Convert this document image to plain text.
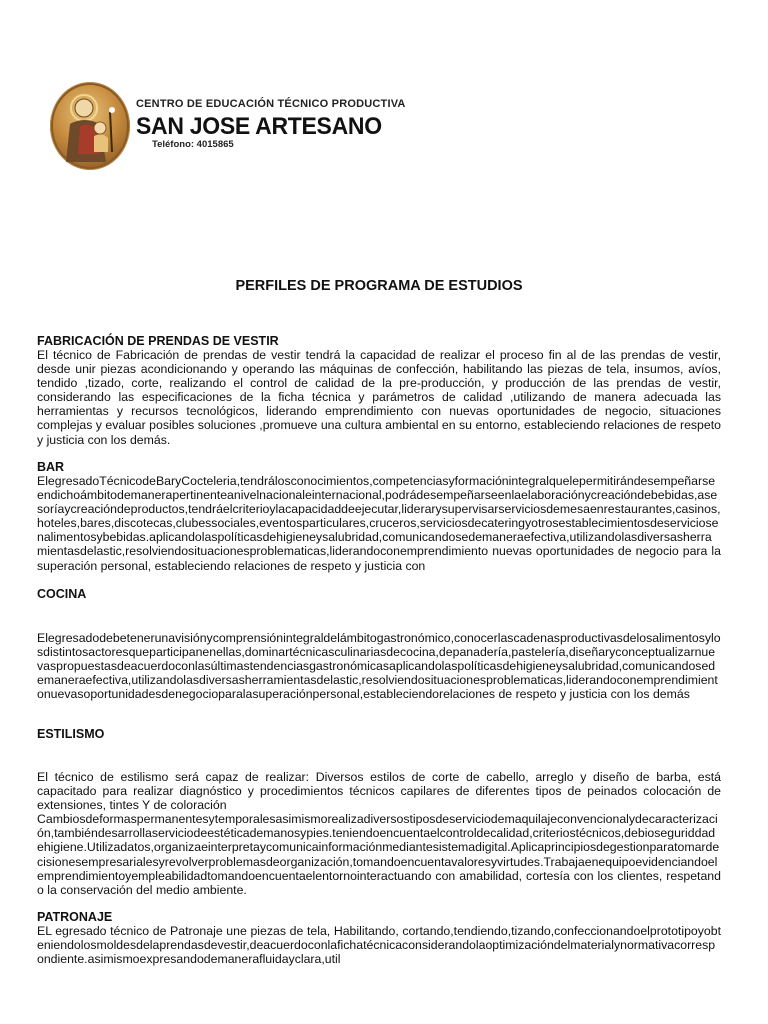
CENTRO DE EDUCACIÓN TÉCNICO PRODUCTIVA
SAN JOSE ARTESANO
Teléfono: 4015865
PERFILES DE PROGRAMA DE ESTUDIOS

FABRICACIÓN DE PRENDAS DE VESTIR

El técnico de Fabricación de prendas de vestir tendrá la capacidad de realizar el proceso fin al de las prendas de vestir, desde unir piezas acondicionando y operando las máquinas de confección, habilitando las piezas de tela, insumos, avíos, tendido ,tizado, corte, realizando el control de calidad de la pre-producción, y producción de las prendas de vestir, considerando las especificaciones de la ficha técnica y parámetros de calidad ,utilizando de manera adecuada las herramientas y recursos tecnológicos, liderando emprendimiento con nuevas oportunidades de negocio, situaciones complejas y evaluar posibles soluciones ,promueve una cultura ambiental en su entorno, estableciendo relaciones de respeto y justicia con los demás.

BAR

ElegresadoTécnicodeBaryCocteleria,tendrálosconocimientos,competenciasyformaciónintegralquelepermitirándesempeñarseendichoámbitodemanerapertinenteanivelnacionaleinternacional,podrádesempeñarseenlaelaboraciónycreacióndebebidas,asesoríaycreacióndeproductos,tendráelcriterioylacapacidaddeejecutar,liderarysupervisarserviciosdemesaenrestaurantes,casinos,hoteles,bares,discotecas,clubessociales,eventosparticulares,cruceros,serviciosdecateringyotrosestablecimientosdeserviciosenalimentosybebidas.aplicandolaspolíticasdehigieneysalubridad,comunicandosedemaneraefectiva,utilizandolasdiversasherramientasdelastic,resolviendosituacionesproblematicas,liderandoconemprendimiento nuevas oportunidades de negocio para la superación personal, estableciendo relaciones de respeto y justicia con

COCINA

Elegresadodebetenerunavisiónycomprensiónintegraldelámbitogastronómico,conocerlascadenasproductivasdelosalimentosylosdistintosactoresqueparticipanenellas,dominartécnicasculinariasdecocina,depanadería,pastelería,diseñaryconceptualizarnuevaspropuestasdeacuerdoconlasúltimastendenciasgastronómicasaplicandolaspolíticasdehigieneysalubridad,comunicandosedemaneraefectiva,utilizandolasdiversasherramientasdelastic,resolviendosituacionesproblematicas,liderandoconemprendimientonuevasoportunidadesdenegocioparalasuperaciónpersonal,estableciendorelaciones de respeto y justicia con los demás

ESTILISMO

El técnico de estilismo será capaz de realizar: Diversos estilos de corte de cabello, arreglo y diseño de barba, está capacitado para realizar diagnóstico y procedimientos técnicos capilares de diferentes tipos de peinados colocación de extensiones, tintes Y de coloración

Cambiosdeformaspermanentesytemporalesasimismorealizadiversostiposdeserviciodemaquilajeconvencionalydecaracterización,tambiéndesarrollaserviciodeestéticademanosypies.teniendoencuentaelcontroldecalidad,criteriostécnicos,debioseguriddadehigiene.Utilizadatos,organizaeinterpretaycomunicainformaciónmediantesistemadigital.Aplicaprincipiosdegestionparatomardecisionesempresarialesyrevolverproblemasdeorganización,tomandoencuentavaloresyvirtudes.Trabajaenequipoevidenciandoelemprendimientoyempleabilidadtomandoencuentaelentornointeractuando con amabilidad, cortesía con los clientes, respetando la conservación del medio ambiente.

PATRONAJE

EL egresado técnico de Patronaje une piezas de tela, Habilitando, cortando,tendiendo,tizando,confeccionandoelprototipoyobteniendolosmoldesdelaprendasdevestir,deacuerdoconlafichatécnicaconsiderandolaoptimizacióndelmaterialynormativacorrespondiente.asimismoexpresandodemanerafluidayclara,util
